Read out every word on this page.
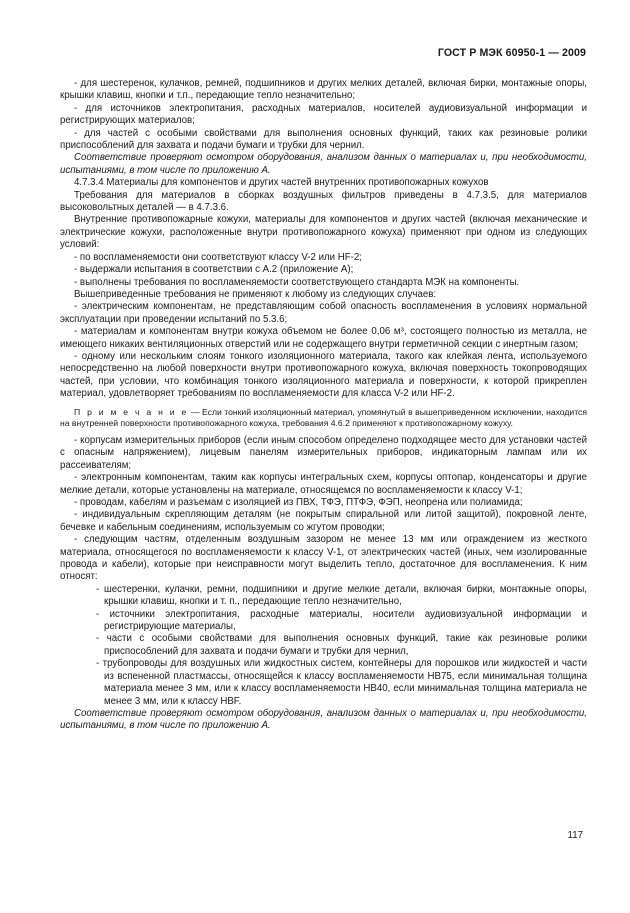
ГОСТ Р МЭК 60950-1 — 2009

- для шестеренок, кулачков, ремней, подшипников и других мелких деталей, включая бирки, монтажные опоры, крышки клавиш, кнопки и т.п., передающие тепло незначительно;

- для источников электропитания, расходных материалов, носителей аудиовизуальной информации и регистрирующих материалов;

- для частей с особыми свойствами для выполнения основных функций, таких как резиновые ролики приспособлений для захвата и подачи бумаги и трубки для чернил.

Соответствие проверяют осмотром оборудования, анализом данных о материалах и, при необходимости, испытаниями, в том числе по приложению А.

4.7.3.4 Материалы для компонентов и других частей внутренних противопожарных кожухов

Требования для материалов в сборках воздушных фильтров приведены в 4.7.3.5, для материалов высоковольтных деталей — в 4.7.3.6.

Внутренние противопожарные кожухи, материалы для компонентов и других частей (включая механические и электрические кожухи, расположенные внутри противопожарного кожуха) применяют при одном из следующих условий:

- по воспламеняемости они соответствуют классу V-2 или HF-2;

- выдержали испытания в соответствии с А.2 (приложение А);

- выполнены требования по воспламеняемости соответствующего стандарта МЭК на компоненты.

Вышеприведенные требования не применяют к любому из следующих случаев:

- электрическим компонентам, не представляющим собой опасность воспламенения в условиях нормальной эксплуатации при проведении испытаний по 5.3.6;

- материалам и компонентам внутри кожуха объемом не более 0,06 м³, состоящего полностью из металла, не имеющего никаких вентиляционных отверстий или не содержащего внутри герметичной секции с инертным газом;

- одному или нескольким слоям тонкого изоляционного материала, такого как клейкая лента, используемого непосредственно на любой поверхности внутри противопожарного кожуха, включая поверхность токопроводящих частей, при условии, что комбинация тонкого изоляционного материала и поверхности, к которой прикреплен материал, удовлетворяет требованиям по воспламеняемости для класса V-2 или HF-2.

П р и м е ч а н и е — Если тонкий изоляционный материал, упомянутый в вышеприведенном исключении, находится на внутренней поверхности противопожарного кожуха, требования 4.6.2 применяют к противопожарному кожуху.

- корпусам измерительных приборов (если иным способом определено подходящее место для установки частей с опасным напряжением), лицевым панелям измерительных приборов, индикаторным лампам или их рассеивателям;

- электронным компонентам, таким как корпусы интегральных схем, корпусы оптопар, конденсаторы и другие мелкие детали, которые установлены на материале, относящемся по воспламеняемости к классу V-1;

- проводам, кабелям и разъемам с изоляцией из ПВХ, ТФЭ, ПТФЭ, ФЭП, неопрена или полиамида;

- индивидуальным скрепляющим деталям (не покрытым спиральной или литой защитой), покровной ленте, бечевке и кабельным соединениям, используемым со жгутом проводки;

- следующим частям, отделенным воздушным зазором не менее 13 мм или ограждением из жесткого материала, относящегося по воспламеняемости к классу V-1, от электрических частей (иных, чем изолированные провода и кабели), которые при неисправности могут выделить тепло, достаточное для воспламенения. К ним относят:

- шестеренки, кулачки, ремни, подшипники и другие мелкие детали, включая бирки, монтажные опоры, крышки клавиш, кнопки и т. п., передающие тепло незначительно,

- источники электропитания, расходные материалы, носители аудиовизуальной информации и регистрирующие материалы,

- части с особыми свойствами для выполнения основных функций, такие как резиновые ролики приспособлений для захвата и подачи бумаги и трубки для чернил,

- трубопроводы для воздушных или жидкостных систем, контейнеры для порошков или жидкостей и части из вспененной пластмассы, относящейся к классу воспламеняемости НВ75, если минимальная толщина материала менее 3 мм, или к классу воспламеняемости НВ40, если минимальная толщина материала не менее 3 мм, или к классу HBF.

Соответствие проверяют осмотром оборудования, анализом данных о материалах и, при необходимости, испытаниями, в том числе по приложению А.

117
